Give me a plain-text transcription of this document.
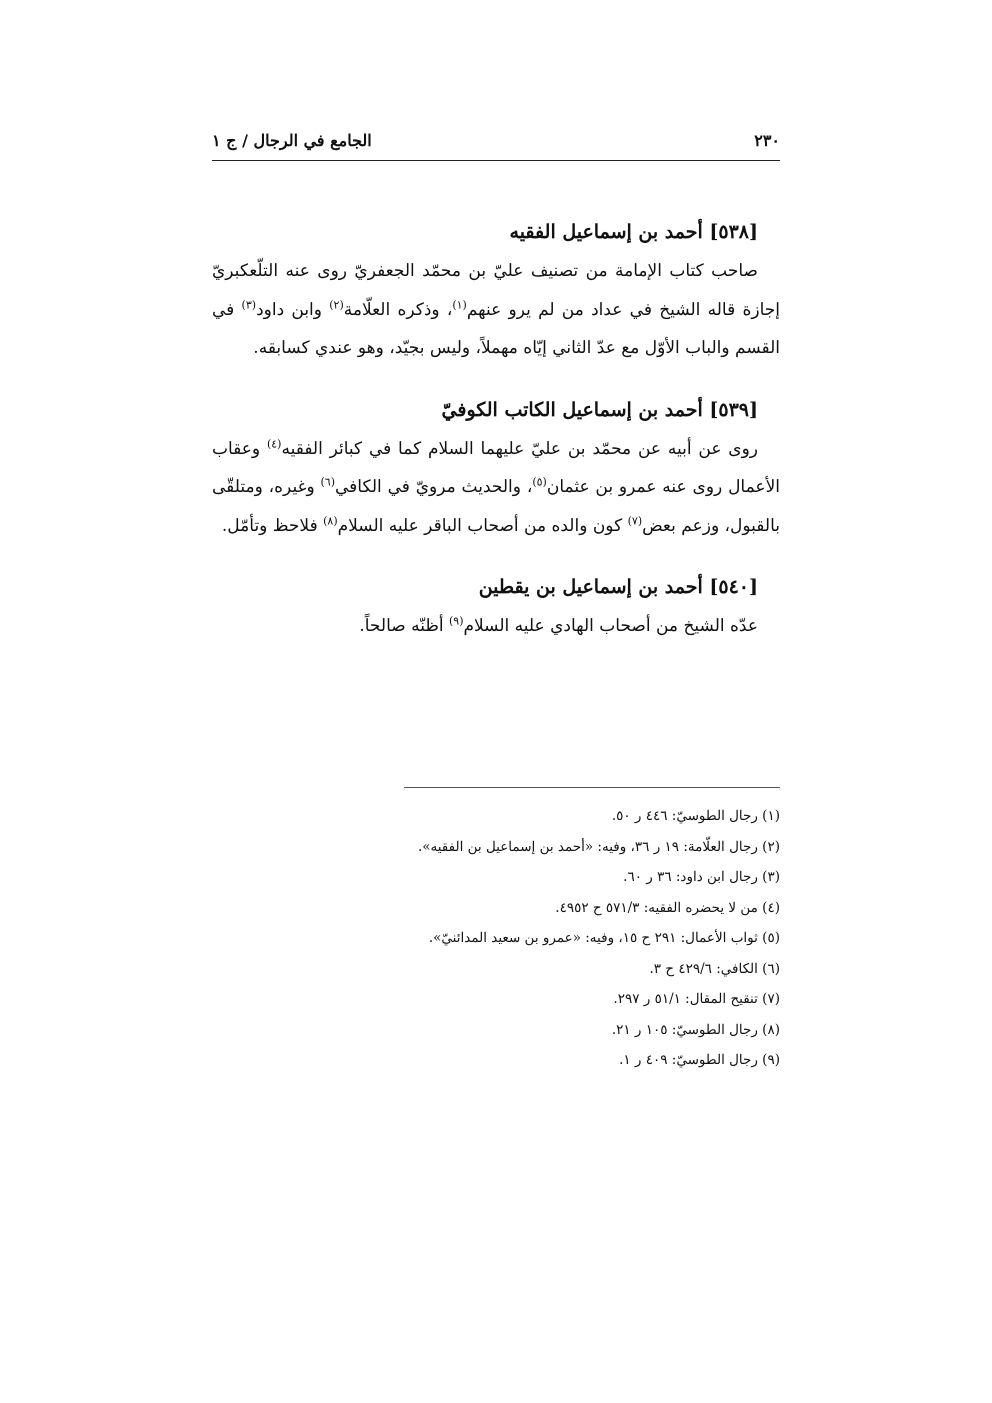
٢٣٠
الجامع في الرجال / ج ١
[٥٣٨] أحمد بن إسماعيل الفقيه

صاحب كتاب الإمامة من تصنيف عليّ بن محمّد الجعفريّ روى عنه التلّعكبريّ إجازة قاله الشيخ في عداد من لم يرو عنهم$^{(١)}$، وذكره العلّامة$^{(٢)}$ وابن داود$^{(٣)}$ في القسم والباب الأوّل مع عدّ الثاني إيّاه مهملاً، وليس بجيّد، وهو عندي كسابقه.

[٥٣٩] أحمد بن إسماعيل الكاتب الكوفيّ

روى عن أبيه عن محمّد بن عليّ عليهما السلام كما في كبائر الفقيه$^{(٤)}$ وعقاب الأعمال روى عنه عمرو بن عثمان$^{(٥)}$، والحديث مرويّ في الكافي$^{(٦)}$ وغيره، ومتلقّى بالقبول، وزعم بعض$^{(٧)}$ كون والده من أصحاب الباقر عليه السلام$^{(٨)}$ فلاحظ وتأمّل.

[٥٤٠] أحمد بن إسماعيل بن يقطين

عدّه الشيخ من أصحاب الهادي عليه السلام$^{(٩)}$ أظنّه صالحاً.

(١) رجال الطوسيّ: ٤٤٦ ر ٥٠.
(٢) رجال العلّامة: ١٩ ر ٣٦، وفيه: «أحمد بن إسماعيل بن الفقيه».
(٣) رجال ابن داود: ٣٦ ر ٦٠.
(٤) من لا يحضره الفقيه: ٥٧١/٣ ح ٤٩٥٢.
(٥) ثواب الأعمال: ٢٩١ ح ١٥، وفيه: «عمرو بن سعيد المدائنيّ».
(٦) الكافي: ٤٢٩/٦ ح ٣.
(٧) تنقيح المقال: ٥١/١ ر ٢٩٧.
(٨) رجال الطوسيّ: ١٠٥ ر ٢١.
(٩) رجال الطوسيّ: ٤٠٩ ر ١.
